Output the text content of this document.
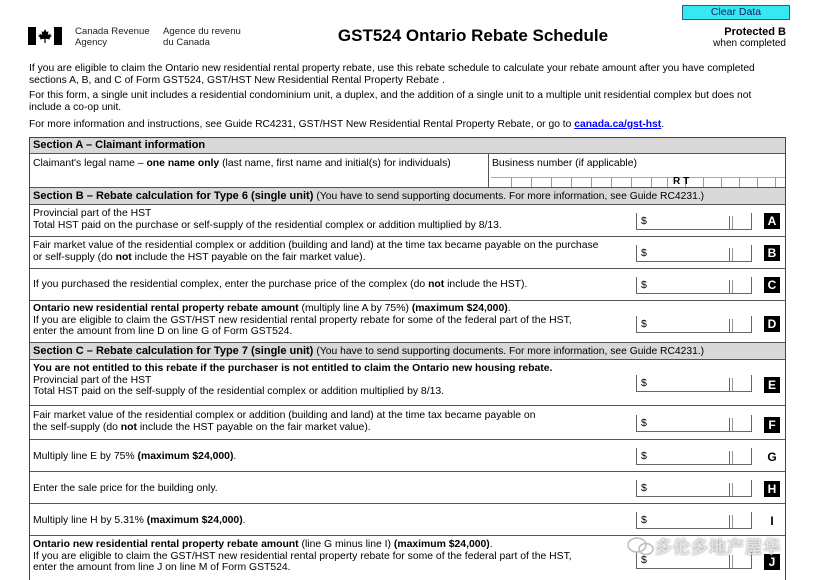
Clear Data
Canada Revenue
Agency
Agence du revenu
du Canada	GST524 Ontario Rebate Schedule	Protected B
when completed
If you are eligible to claim the Ontario new residential rental property rebate, use this rebate schedule to calculate your rebate amount after you have completed
sections A, B, and C of Form GST524, GST/HST New Residential Rental Property Rebate .
For this form, a single unit includes a residential condominium unit, a duplex, and the addition of a single unit to a multiple unit residential complex but does not
include a co-op unit.
For more information and instructions, see Guide RC4231, GST/HST New Residential Rental Property Rebate, or go to canada.ca/gst-hst.
Section A – Claimant information
Claimant's legal name – one name only (last name, first name and initial(s) for individuals)	Business number (if applicable)
RT
Section B – Rebate calculation for Type 6 (single unit) (You have to send supporting documents. For more information, see Guide RC4231.)
Provincial part of the HST
Total HST paid on the purchase or self-supply of the residential complex or addition multiplied by 8/13.	$	A
Fair market value of the residential complex or addition (building and land) at the time tax became payable on the purchase
or self-supply (do not include the HST payable on the fair market value).	$	B
If you purchased the residential complex, enter the purchase price of the complex (do not include the HST).	$	C
Ontario new residential rental property rebate amount (multiply line A by 75%) (maximum $24,000).
If you are eligible to claim the GST/HST new residential rental property rebate for some of the federal part of the HST,
enter the amount from line D on line G of Form GST524.
$	D
Section C – Rebate calculation for Type 7 (single unit) (You have to send supporting documents. For more information, see Guide RC4231.)
You are not entitled to this rebate if the purchaser is not entitled to claim the Ontario new housing rebate.
Provincial part of the HST
Total HST paid on the self-supply of the residential complex or addition multiplied by 8/13.
$	E
Fair market value of the residential complex or addition (building and land) at the time tax became payable on
the self-supply (do not include the HST payable on the fair market value).	$	F
Multiply line E by 75% (maximum $24,000).	$	G
Enter the sale price for the building only.	$	H
Multiply line H by 5.31% (maximum $24,000).	$	I
Ontario new residential rental property rebate amount (line G minus line I) (maximum $24,000).
If you are eligible to claim the GST/HST new residential rental property rebate for some of the federal part of the HST,
enter the amount from line J on line M of Form GST524.
$	J
多伦多地产屋华
